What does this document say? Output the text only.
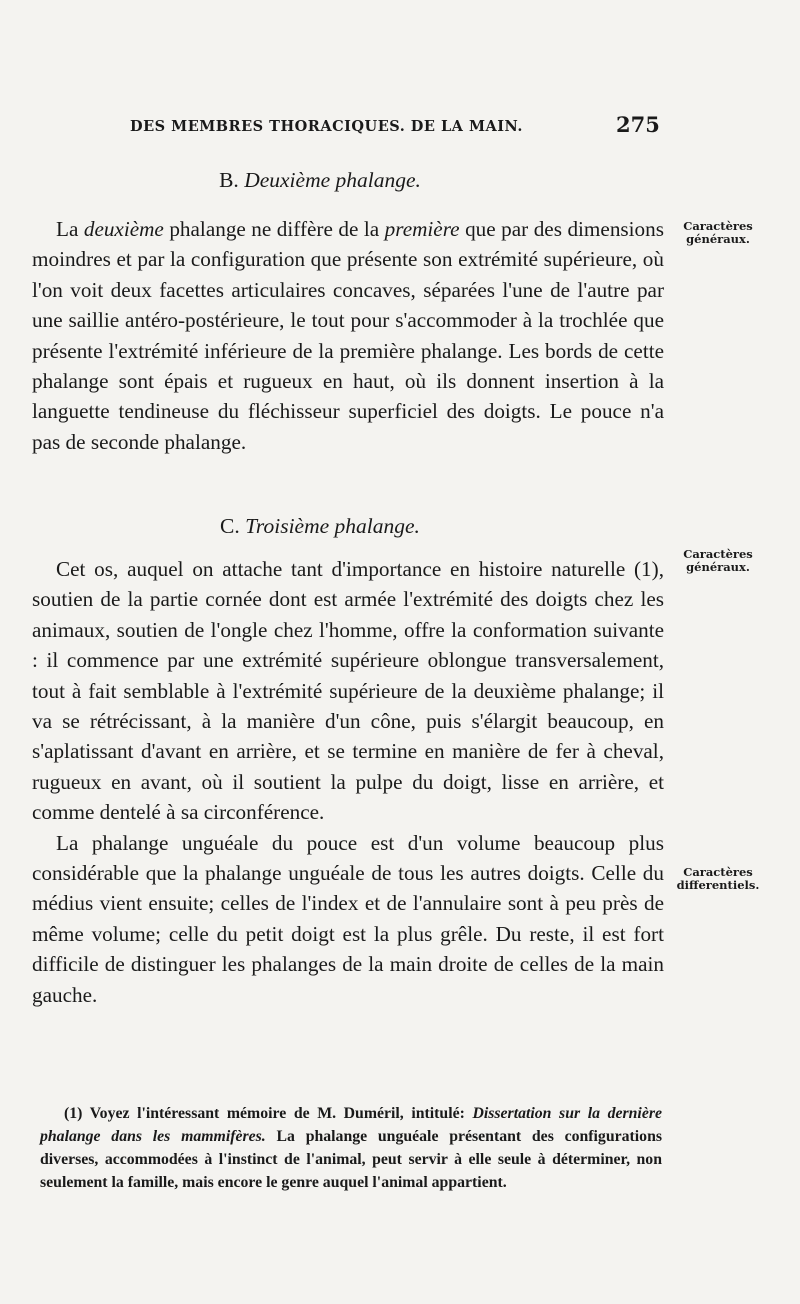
DES MEMBRES THORACIQUES. DE LA MAIN.	275
B. Deuxième phalange.

La deuxième phalange ne diffère de la première que par des dimensions moindres et par la configuration que présente son extrémité supérieure, où l'on voit deux facettes articulaires concaves, séparées l'une de l'autre par une saillie antéro-postérieure, le tout pour s'accommoder à la trochlée que présente l'extrémité inférieure de la première phalange. Les bords de cette phalange sont épais et rugueux en haut, où ils donnent insertion à la languette tendineuse du fléchisseur superficiel des doigts. Le pouce n'a pas de seconde phalange.

Caractères généraux.
C. Troisième phalange.

Cet os, auquel on attache tant d'importance en histoire naturelle (1), soutien de la partie cornée dont est armée l'extrémité des doigts chez les animaux, soutien de l'ongle chez l'homme, offre la conformation suivante : il commence par une extrémité supérieure oblongue transversalement, tout à fait semblable à l'extrémité supérieure de la deuxième phalange; il va se rétrécissant, à la manière d'un cône, puis s'élargit beaucoup, en s'aplatissant d'avant en arrière, et se termine en manière de fer à cheval, rugueux en avant, où il soutient la pulpe du doigt, lisse en arrière, et comme dentelé à sa circonférence.

La phalange unguéale du pouce est d'un volume beaucoup plus considérable que la phalange unguéale de tous les autres doigts. Celle du médius vient ensuite; celles de l'index et de l'annulaire sont à peu près de même volume; celle du petit doigt est la plus grêle. Du reste, il est fort difficile de distinguer les phalanges de la main droite de celles de la main gauche.

Caractères généraux.
Caractères differentiels.

(1) Voyez l'intéressant mémoire de M. Duméril, intitulé: Dissertation sur la dernière phalange dans les mammifères. La phalange unguéale présentant des configurations diverses, accommodées à l'instinct de l'animal, peut servir à elle seule à déterminer, non seulement la famille, mais encore le genre auquel l'animal appartient.
